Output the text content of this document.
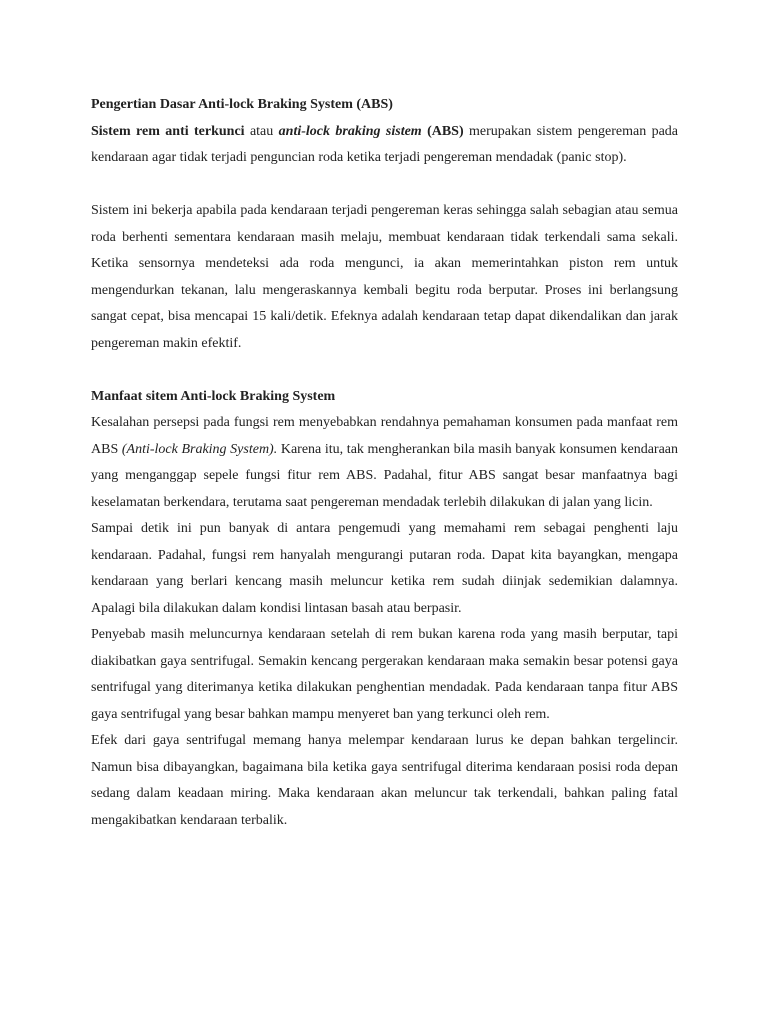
Pengertian Dasar Anti-lock Braking System (ABS)

Sistem rem anti terkunci atau anti-lock braking sistem (ABS) merupakan sistem pengereman pada kendaraan agar tidak terjadi penguncian roda ketika terjadi pengereman mendadak (panic stop).

Sistem ini bekerja apabila pada kendaraan terjadi pengereman keras sehingga salah sebagian atau semua roda berhenti sementara kendaraan masih melaju, membuat kendaraan tidak terkendali sama sekali. Ketika sensornya mendeteksi ada roda mengunci, ia akan memerintahkan piston rem untuk mengendurkan tekanan, lalu mengeraskannya kembali begitu roda berputar. Proses ini berlangsung sangat cepat, bisa mencapai 15 kali/detik. Efeknya adalah kendaraan tetap dapat dikendalikan dan jarak pengereman makin efektif.

Manfaat sitem Anti-lock Braking System

Kesalahan persepsi pada fungsi rem menyebabkan rendahnya pemahaman konsumen pada manfaat rem ABS (Anti-lock Braking System). Karena itu, tak mengherankan bila masih banyak konsumen kendaraan yang menganggap sepele fungsi fitur rem ABS. Padahal, fitur ABS sangat besar manfaatnya bagi keselamatan berkendara, terutama saat pengereman mendadak terlebih dilakukan di jalan yang licin.

Sampai detik ini pun banyak di antara pengemudi yang memahami rem sebagai penghenti laju kendaraan. Padahal, fungsi rem hanyalah mengurangi putaran roda. Dapat kita bayangkan, mengapa kendaraan yang berlari kencang masih meluncur ketika rem sudah diinjak sedemikian dalamnya. Apalagi bila dilakukan dalam kondisi lintasan basah atau berpasir.

Penyebab masih meluncurnya kendaraan setelah di rem bukan karena roda yang masih berputar, tapi diakibatkan gaya sentrifugal. Semakin kencang pergerakan kendaraan maka semakin besar potensi gaya sentrifugal yang diterimanya ketika dilakukan penghentian mendadak. Pada kendaraan tanpa fitur ABS gaya sentrifugal yang besar bahkan mampu menyeret ban yang terkunci oleh rem.

Efek dari gaya sentrifugal memang hanya melempar kendaraan lurus ke depan bahkan tergelincir. Namun bisa dibayangkan, bagaimana bila ketika gaya sentrifugal diterima kendaraan posisi roda depan sedang dalam keadaan miring. Maka kendaraan akan meluncur tak terkendali, bahkan paling fatal mengakibatkan kendaraan terbalik.
